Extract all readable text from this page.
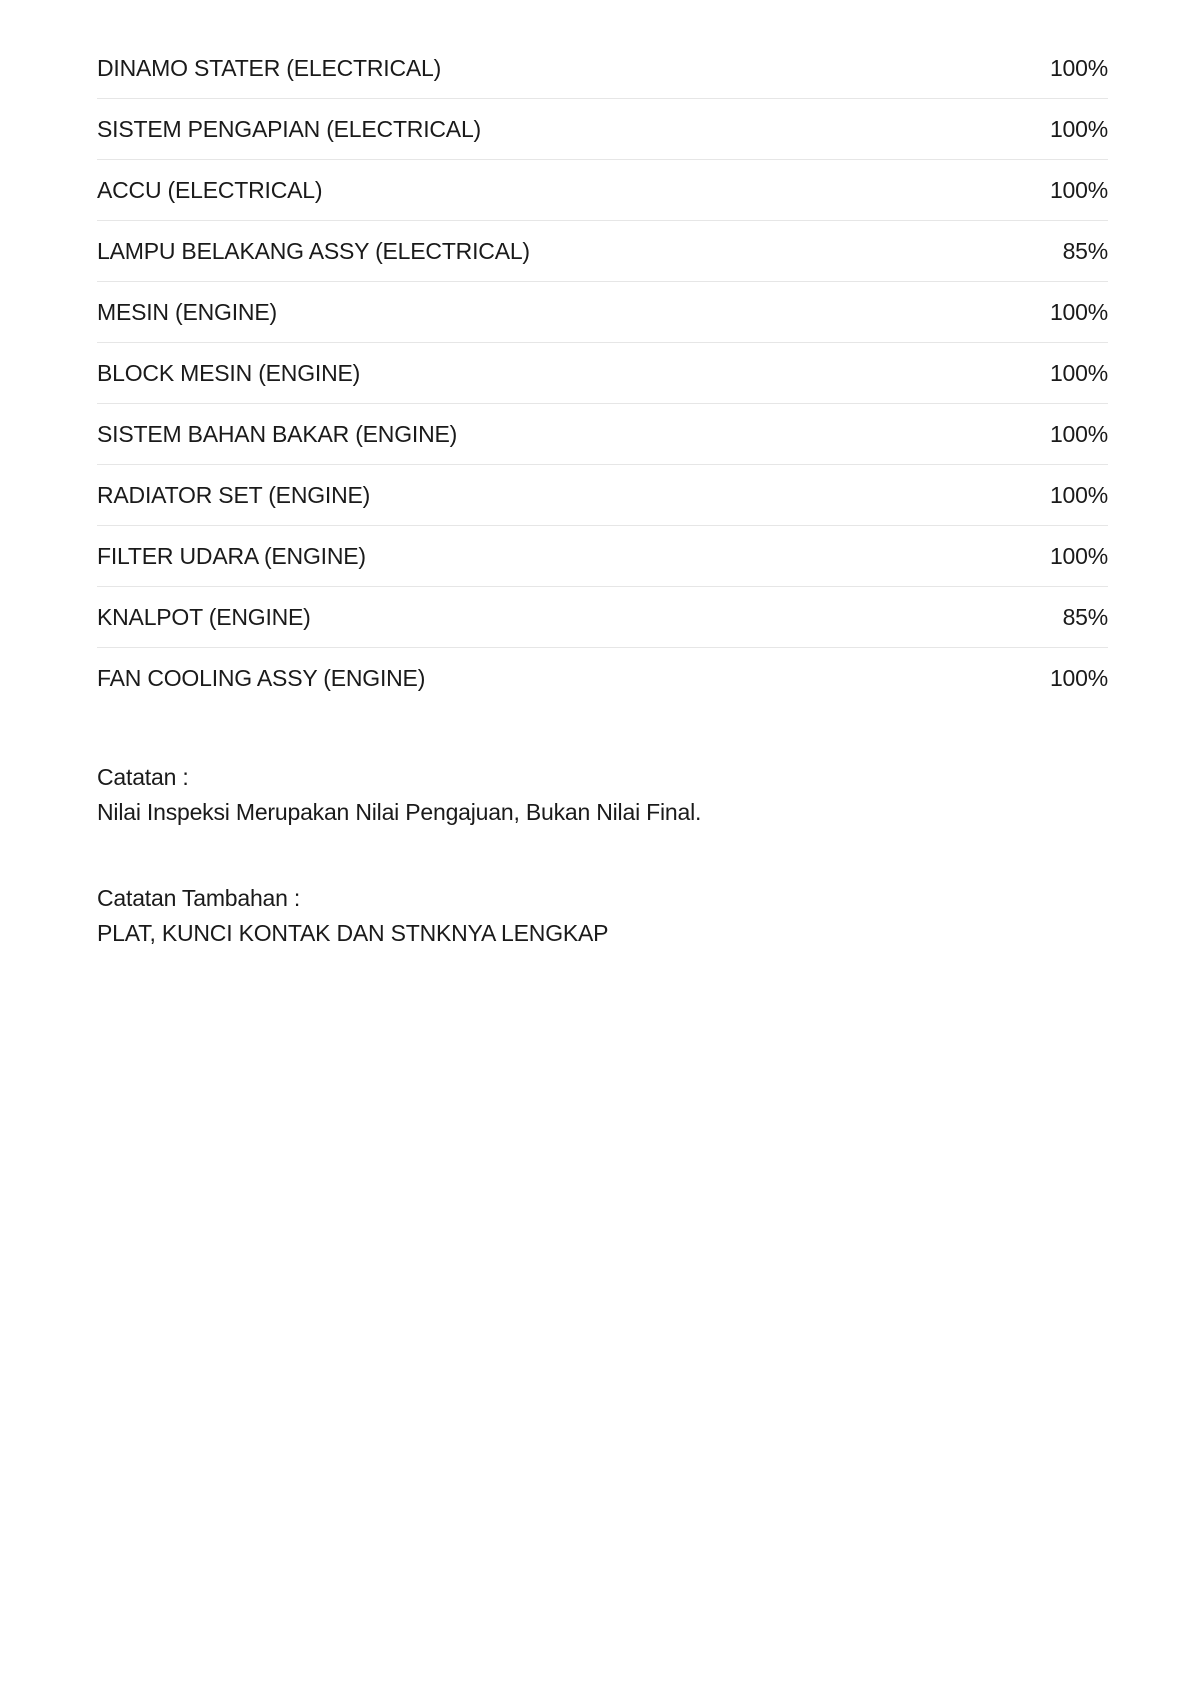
DINAMO STATER (ELECTRICAL)	100%
SISTEM PENGAPIAN (ELECTRICAL)	100%
ACCU (ELECTRICAL)	100%
LAMPU BELAKANG ASSY (ELECTRICAL)	85%
MESIN (ENGINE)	100%
BLOCK MESIN (ENGINE)	100%
SISTEM BAHAN BAKAR (ENGINE)	100%
RADIATOR SET (ENGINE)	100%
FILTER UDARA (ENGINE)	100%
KNALPOT (ENGINE)	85%
FAN COOLING ASSY (ENGINE)	100%
Catatan :
Nilai Inspeksi Merupakan Nilai Pengajuan, Bukan Nilai Final.
Catatan Tambahan :
PLAT, KUNCI KONTAK DAN STNKNYA LENGKAP
